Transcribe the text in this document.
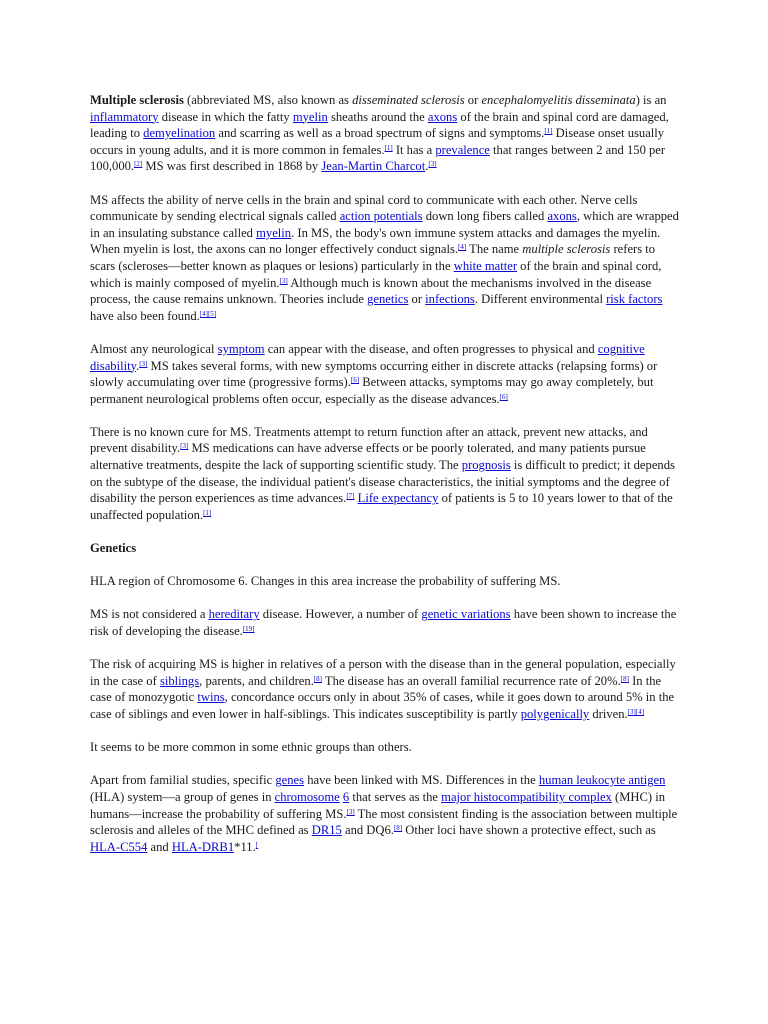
Multiple sclerosis (abbreviated MS, also known as disseminated sclerosis or encephalomyelitis disseminata) is an inflammatory disease in which the fatty myelin sheaths around the axons of the brain and spinal cord are damaged, leading to demyelination and scarring as well as a broad spectrum of signs and symptoms.[1] Disease onset usually occurs in young adults, and it is more common in females.[1] It has a prevalence that ranges between 2 and 150 per 100,000.[2] MS was first described in 1868 by Jean-Martin Charcot.[3]

MS affects the ability of nerve cells in the brain and spinal cord to communicate with each other. Nerve cells communicate by sending electrical signals called action potentials down long fibers called axons, which are wrapped in an insulating substance called myelin. In MS, the body's own immune system attacks and damages the myelin. When myelin is lost, the axons can no longer effectively conduct signals.[4] The name multiple sclerosis refers to scars (scleroses—better known as plaques or lesions) particularly in the white matter of the brain and spinal cord, which is mainly composed of myelin.[3] Although much is known about the mechanisms involved in the disease process, the cause remains unknown. Theories include genetics or infections. Different environmental risk factors have also been found.[4][5]

Almost any neurological symptom can appear with the disease, and often progresses to physical and cognitive disability.[3] MS takes several forms, with new symptoms occurring either in discrete attacks (relapsing forms) or slowly accumulating over time (progressive forms).[6] Between attacks, symptoms may go away completely, but permanent neurological problems often occur, especially as the disease advances.[6]

There is no known cure for MS. Treatments attempt to return function after an attack, prevent new attacks, and prevent disability.[3] MS medications can have adverse effects or be poorly tolerated, and many patients pursue alternative treatments, despite the lack of supporting scientific study. The prognosis is difficult to predict; it depends on the subtype of the disease, the individual patient's disease characteristics, the initial symptoms and the degree of disability the person experiences as time advances.[7] Life expectancy of patients is 5 to 10 years lower to that of the unaffected population.[1]

Genetics

HLA region of Chromosome 6. Changes in this area increase the probability of suffering MS.

MS is not considered a hereditary disease. However, a number of genetic variations have been shown to increase the risk of developing the disease.[19]

The risk of acquiring MS is higher in relatives of a person with the disease than in the general population, especially in the case of siblings, parents, and children.[8] The disease has an overall familial recurrence rate of 20%.[8] In the case of monozygotic twins, concordance occurs only in about 35% of cases, while it goes down to around 5% in the case of siblings and even lower in half-siblings. This indicates susceptibility is partly polygenically driven.[3][4]

It seems to be more common in some ethnic groups than others.

Apart from familial studies, specific genes have been linked with MS. Differences in the human leukocyte antigen (HLA) system—a group of genes in chromosome 6 that serves as the major histocompatibility complex (MHC) in humans—increase the probability of suffering MS.[3] The most consistent finding is the association between multiple sclerosis and alleles of the MHC defined as DR15 and DQ6.[8] Other loci have shown a protective effect, such as HLA-C554 and HLA-DRB1*11.[
